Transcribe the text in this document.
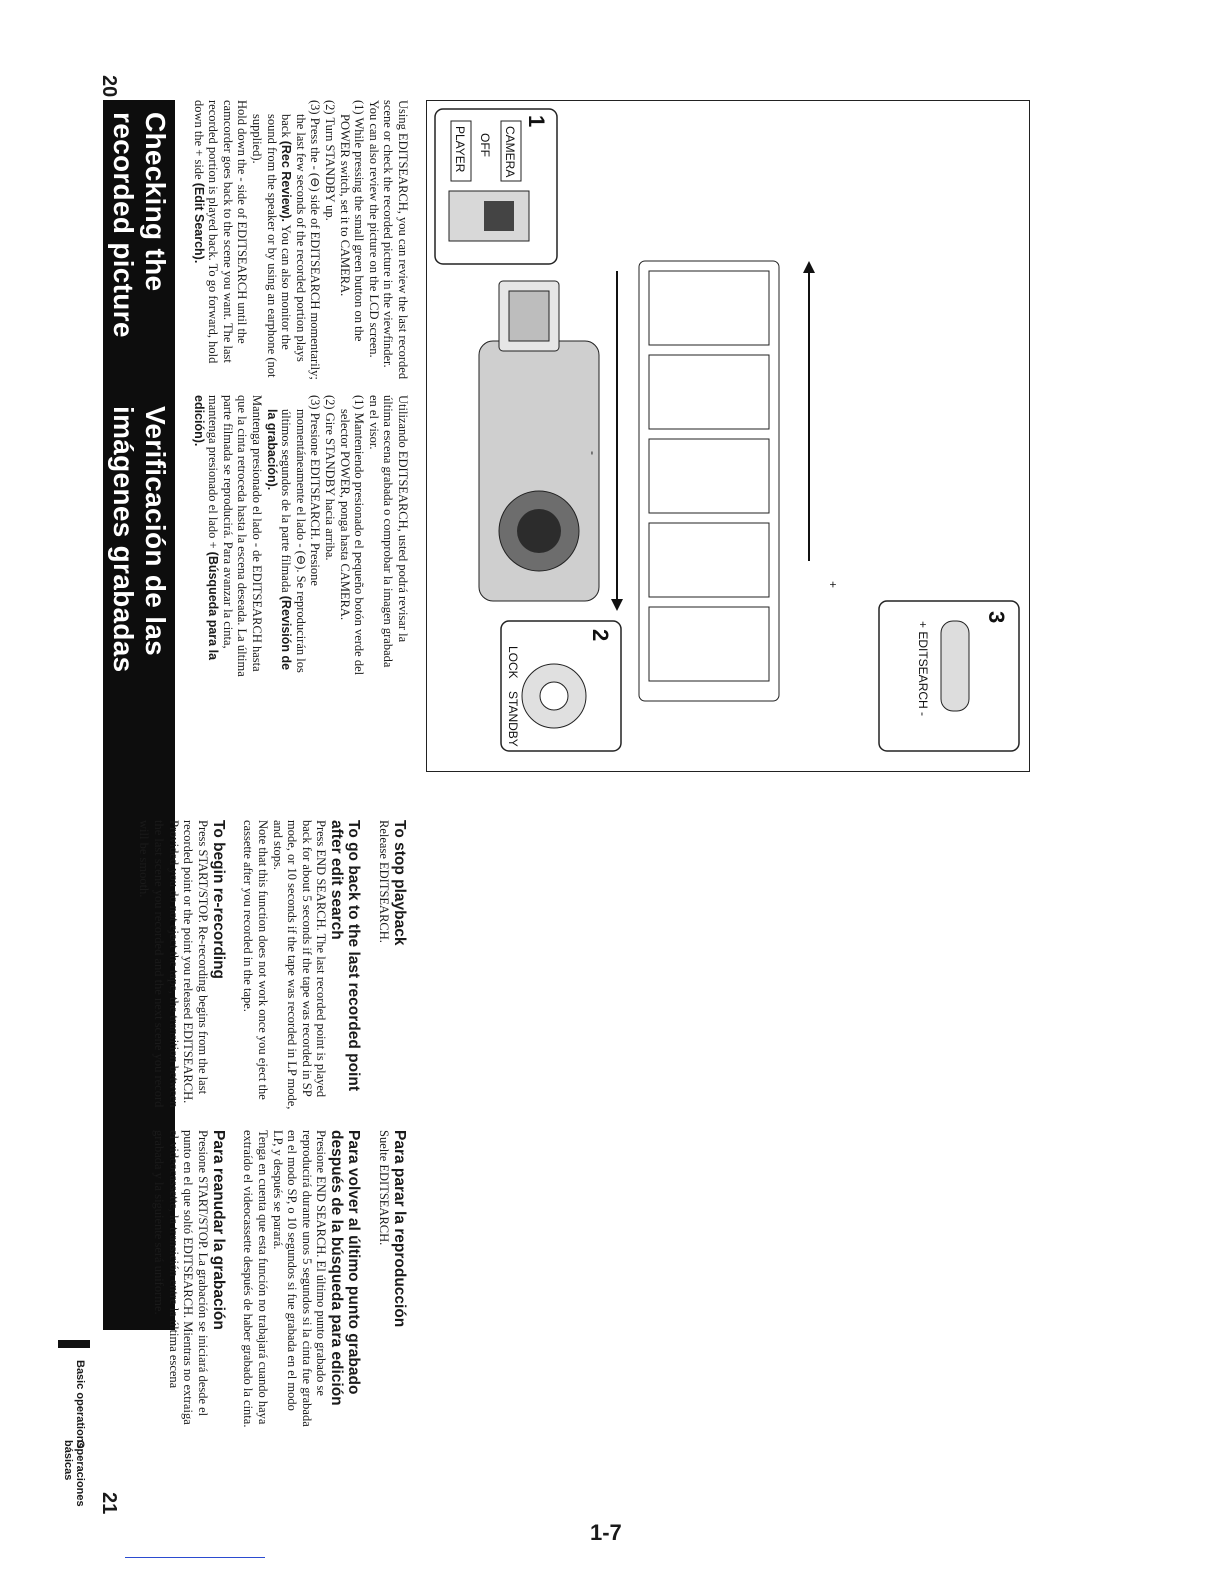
Basic operations
Operaciones básicas
Checking the
recorded picture
Verificación de las
imágenes grabadas

Using EDITSEARCH, you can review the last recorded scene or check the recorded picture in the viewfinder. You can also review the picture on the LCD screen.

(1) While pressing the small green button on the POWER switch, set it to CAMERA.

(2) Turn STANDBY up.

(3) Press the - (⊖) side of EDITSEARCH momentarily; the last few seconds of the recorded portion plays back (Rec Review). You can also monitor the sound from the speaker or by using an earphone (not supplied).

Hold down the - side of EDITSEARCH until the camcorder goes back to the scene you want. The last recorded portion is played back. To go forward, hold down the + side (Edit Search).

Utilizando EDITSEARCH, usted podrá revisar la última escena grabada o comprobar la imagen grabada en el visor.

(1) Manteniendo presionado el pequeño botón verde del selector POWER, ponga hasta CAMERA.

(2) Gire STANDBY hacia arriba.

(3) Presione EDITSEARCH. Presione momentáneamente el lado - (⊖). Se reproducirán los últimos segundos de la parte filmada (Revisión de la grabación).

Mantenga presionado el lado - de EDITSEARCH hasta que la cinta retroceda hasta la escena deseada. La última parte filmada se reproducirá. Para avanzar la cinta, mantenga presionado el lado + (Búsqueda para la edición).

To stop playback

Release EDITSEARCH.

To go back to the last recorded point after edit search

Press END SEARCH. The last recorded point is played back for about 5 seconds if the tape was recorded in SP mode, or 10 seconds if the tape was recorded in LP mode, and stops.

Note that this function does not work once you eject the cassette after you recorded in the tape.

To begin re-recording

Press START/STOP. Re-recording begins from the last recorded point or the point you released EDITSEARCH. Provided you do not eject the tape, the transition between the last scene you recorded and the next scene you record will be smooth.

Para parar la reproducción

Suelte EDITSEARCH.

Para volver al último punto grabado después de la búsqueda para edición

Presione END SEARCH. El último punto grabado se reproducirá durante unos 5 segundos si la cinta fue grabada en el modo SP, o 10 segundos si fue grabada en el modo LP, y después se parará.

Tenga en cuenta que esta función no trabajará cuando haya extraído el videocassette después de haber grabado la cinta.

Para reanudar la grabación

Presione START/STOP. La grabación se iniciará desde el punto en el que soltó EDITSEARCH. Mientras no extraiga el videocassette, la transición entre la última escena grabada y la siguiente será uniforme.

1
CAMERA
OFF
PLAYER
2
LOCK
STANDBY
3
+ EDITSEARCH -
+
-
20
21
1-7
